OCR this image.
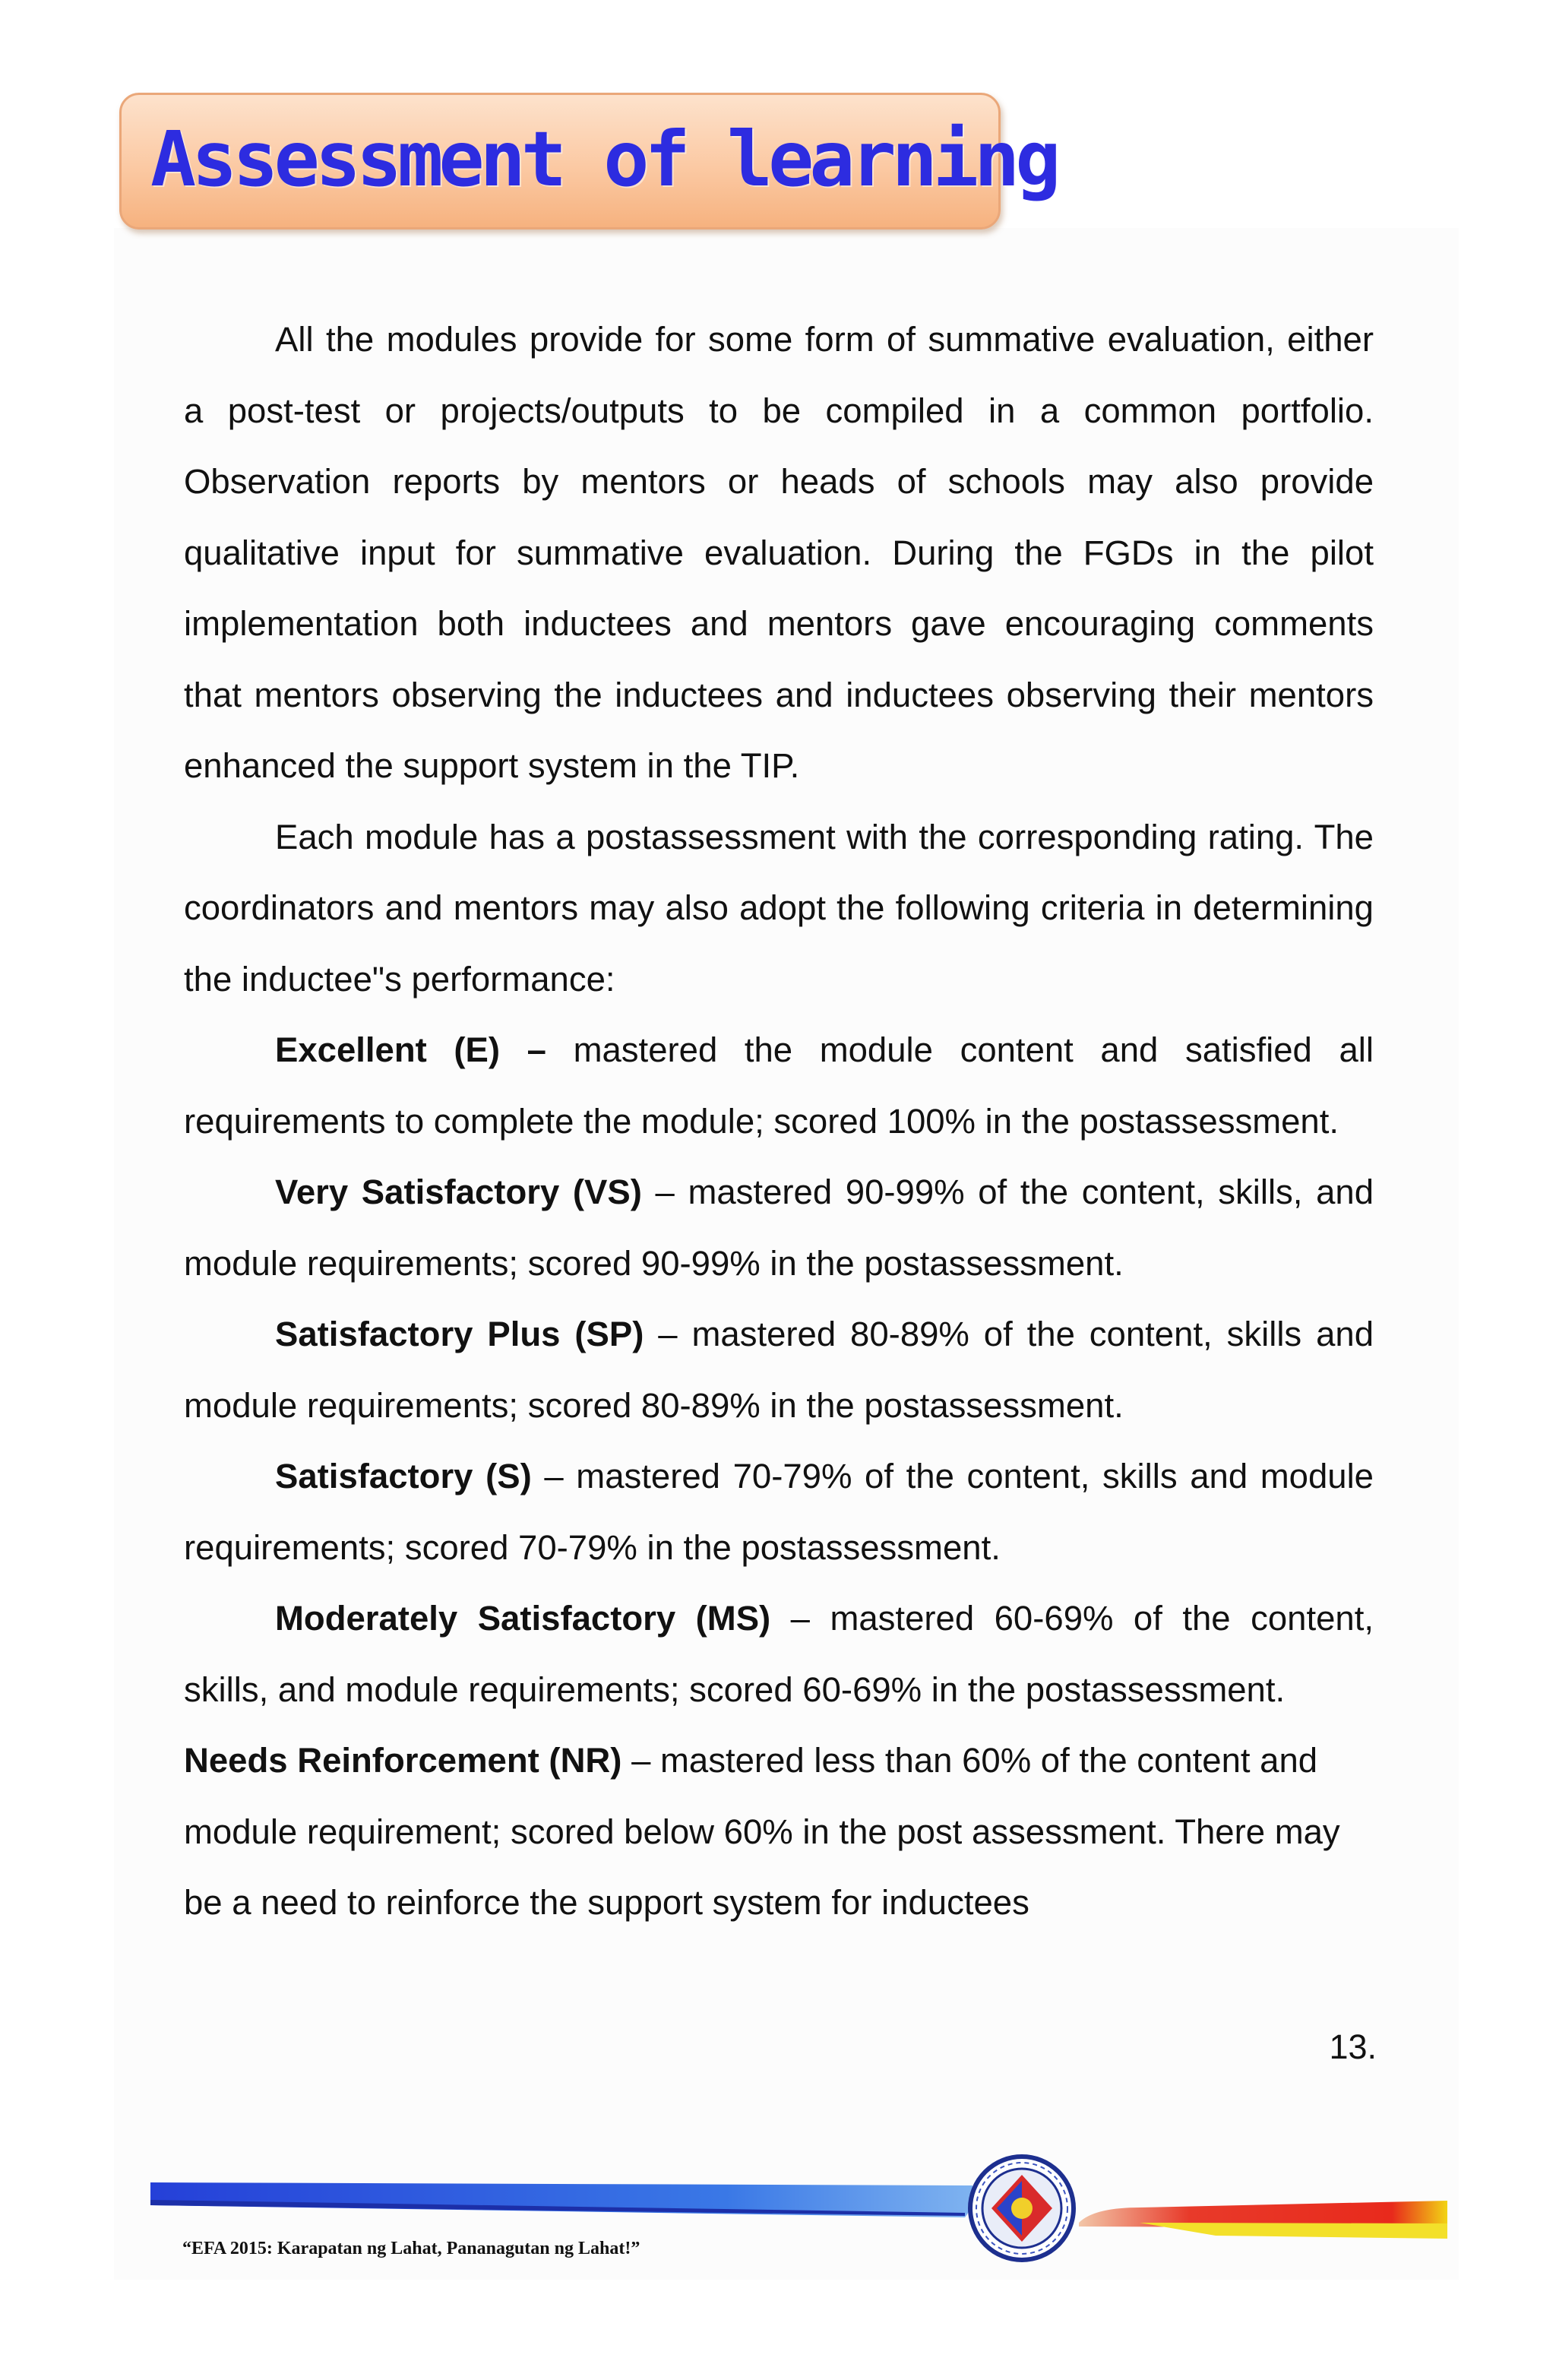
Assessment of learning

All the modules provide for some form of summative evaluation, either a post-test or projects/outputs to be compiled in a common portfolio. Observation reports by mentors or heads of schools may also provide qualitative input for summative evaluation. During the FGDs in the pilot implementation both inductees and mentors gave encouraging comments that mentors observing the inductees and inductees observing their mentors enhanced the support system in the TIP.

Each module has a postassessment with the corresponding rating. The coordinators and mentors may also adopt the following criteria in determining the inductee"s performance:

Excellent (E) – mastered the module content and satisfied all requirements to complete the module; scored 100% in the postassessment.

Very Satisfactory (VS) – mastered 90-99% of the content, skills, and module requirements; scored 90-99% in the postassessment.

Satisfactory Plus (SP) – mastered 80-89% of the content, skills and module requirements; scored 80-89% in the postassessment.

Satisfactory (S) – mastered 70-79% of the content, skills and module requirements; scored 70-79% in the postassessment.

Moderately Satisfactory (MS) – mastered 60-69% of the content, skills, and module requirements; scored 60-69% in the postassessment.

Needs Reinforcement (NR) – mastered less than 60% of the content and module requirement; scored below 60% in the post assessment. There may be a need to reinforce the support system for inductees

13.
“EFA 2015: Karapatan ng Lahat, Pananagutan ng Lahat!”
